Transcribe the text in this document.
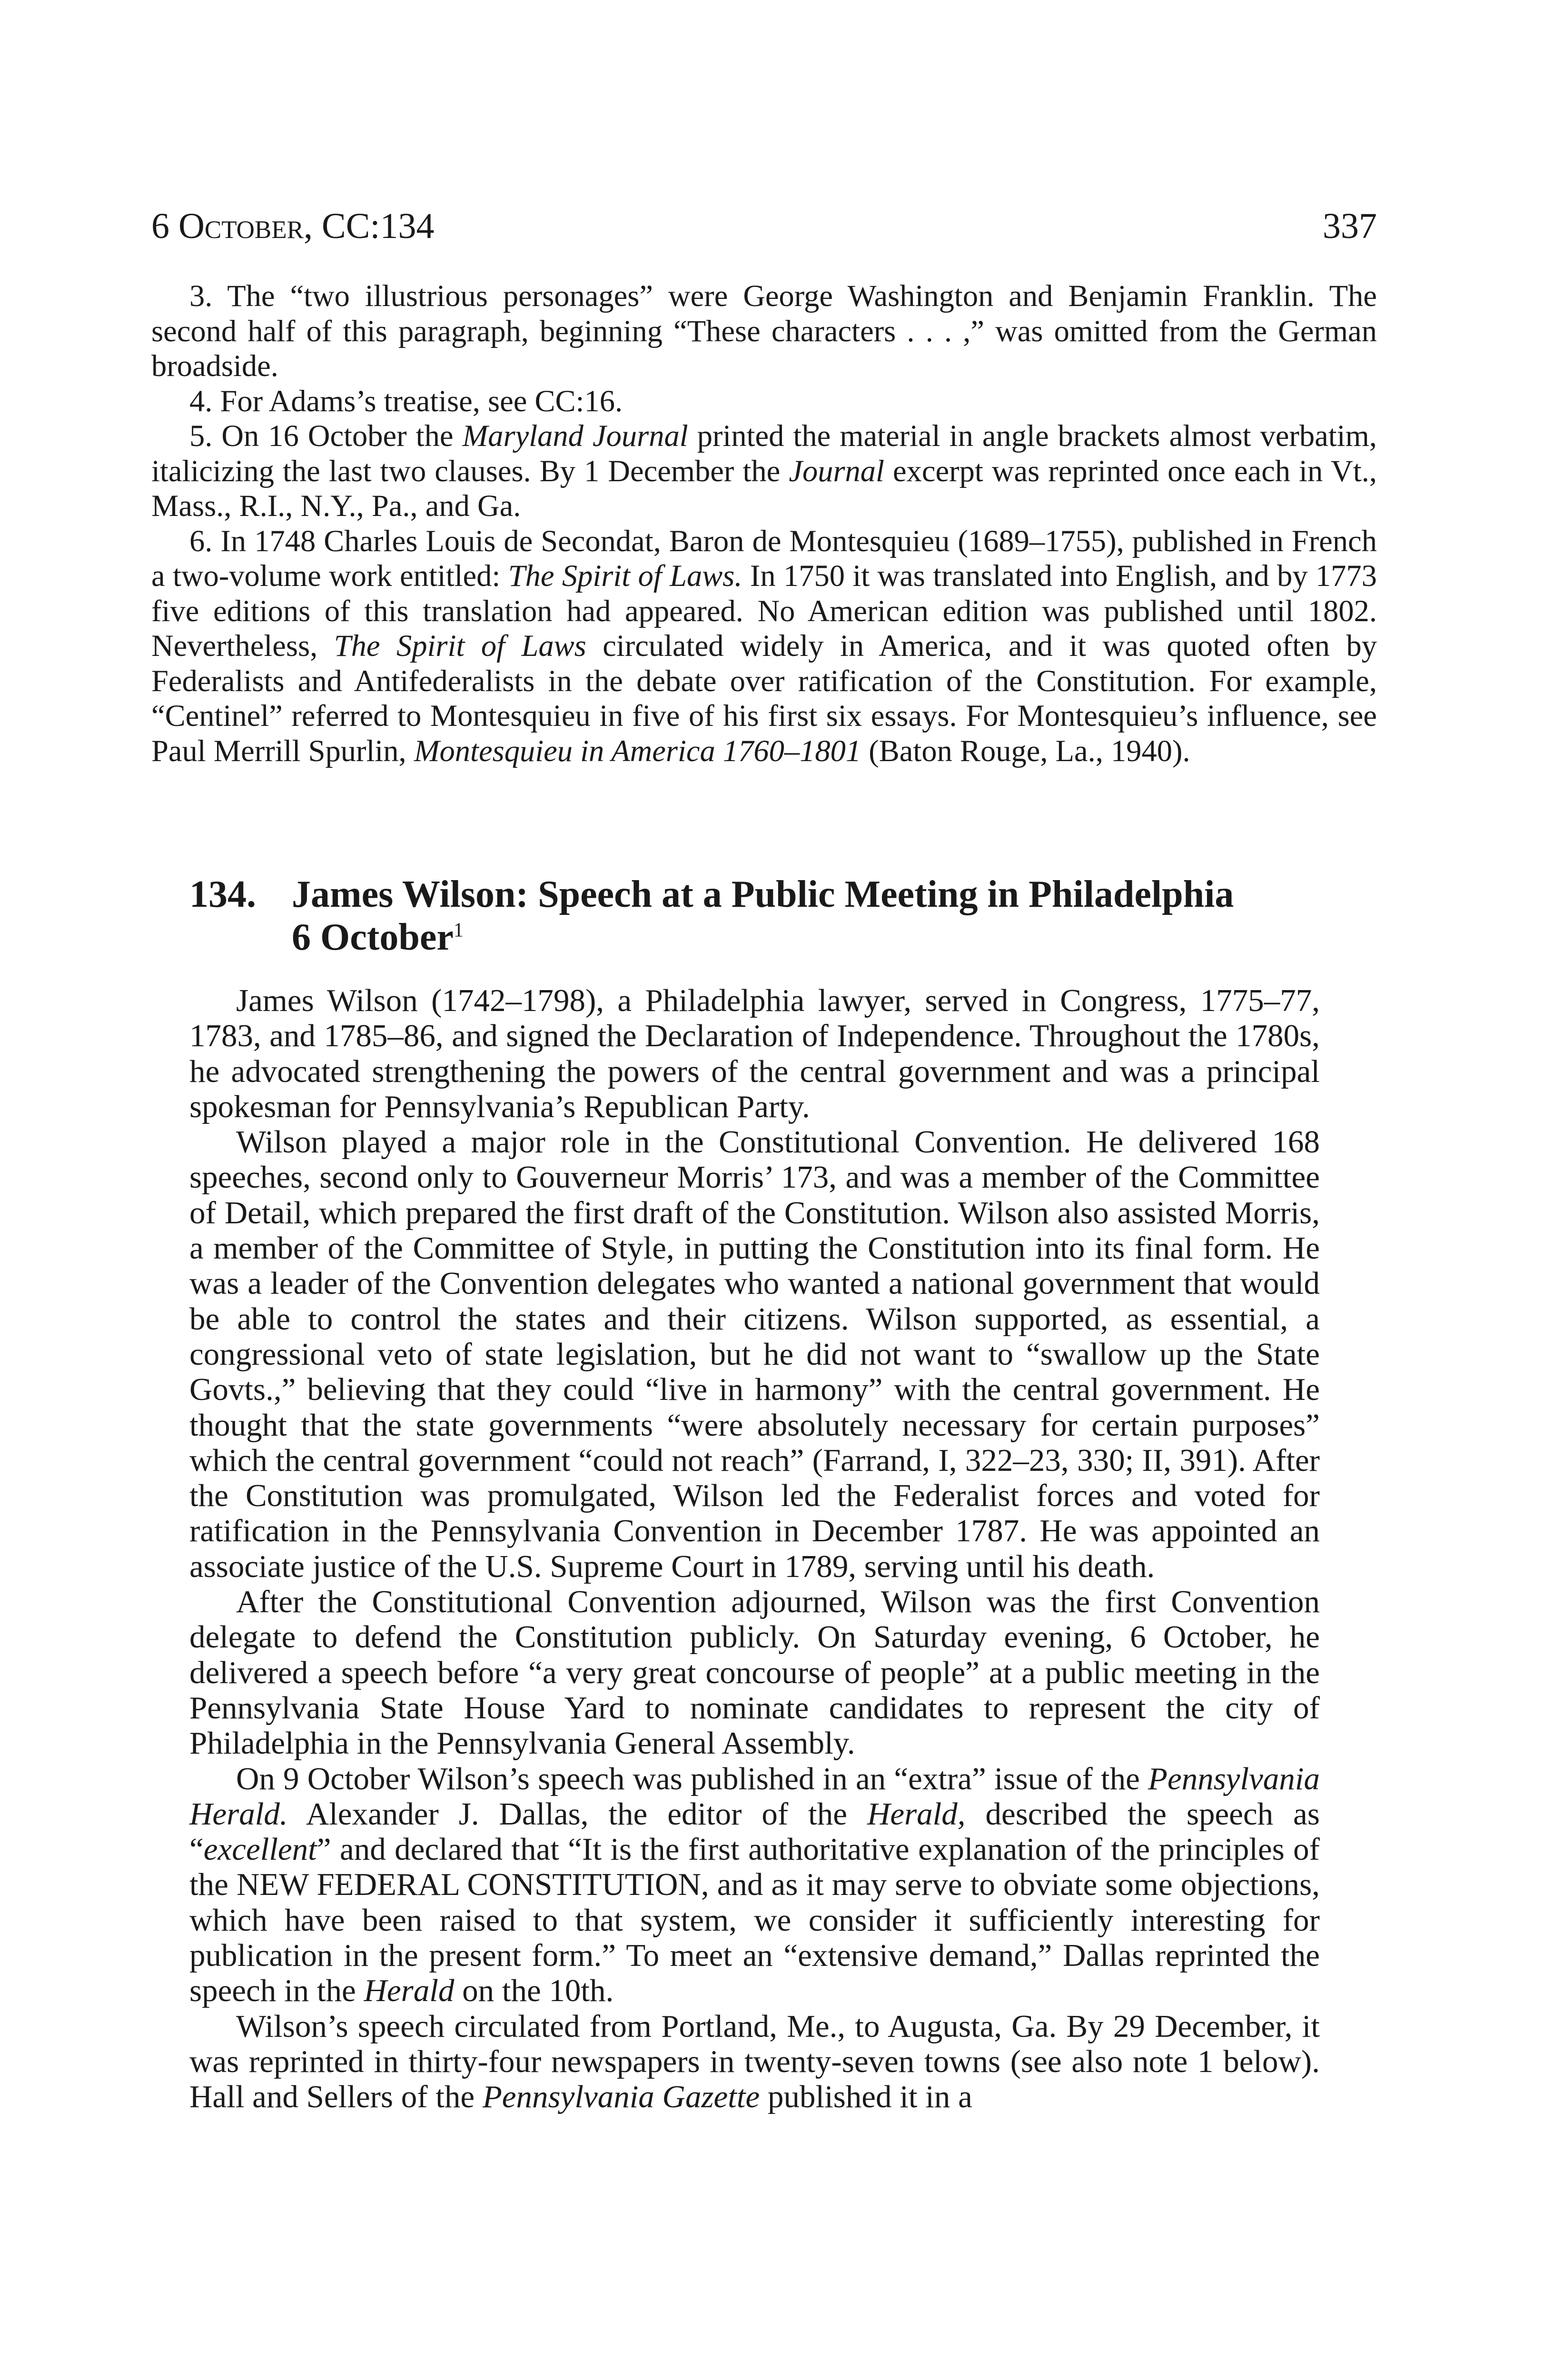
6 October, CC:134	337

3. The “two illustrious personages” were George Washington and Benjamin Franklin. The second half of this paragraph, beginning “These characters . . . ,” was omitted from the German broadside.

4. For Adams’s treatise, see CC:16.

5. On 16 October the Maryland Journal printed the material in angle brackets almost verbatim, italicizing the last two clauses. By 1 December the Journal excerpt was reprinted once each in Vt., Mass., R.I., N.Y., Pa., and Ga.

6. In 1748 Charles Louis de Secondat, Baron de Montesquieu (1689–1755), published in French a two-volume work entitled: The Spirit of Laws. In 1750 it was translated into English, and by 1773 five editions of this translation had appeared. No American edition was published until 1802. Nevertheless, The Spirit of Laws circulated widely in America, and it was quoted often by Federalists and Antifederalists in the debate over ratification of the Constitution. For example, “Centinel” referred to Montesquieu in five of his first six essays. For Montesquieu’s influence, see Paul Merrill Spurlin, Montesquieu in America 1760–1801 (Baton Rouge, La., 1940).

134. James Wilson: Speech at a Public Meeting in Philadelphia
6 October$^1$

James Wilson (1742–1798), a Philadelphia lawyer, served in Congress, 1775–77, 1783, and 1785–86, and signed the Declaration of Independence. Throughout the 1780s, he advocated strengthening the powers of the central government and was a principal spokesman for Pennsylvania’s Republican Party.

Wilson played a major role in the Constitutional Convention. He delivered 168 speeches, second only to Gouverneur Morris’ 173, and was a member of the Committee of Detail, which prepared the first draft of the Constitution. Wilson also assisted Morris, a member of the Committee of Style, in putting the Constitution into its final form. He was a leader of the Convention delegates who wanted a national government that would be able to control the states and their citizens. Wilson supported, as essential, a congressional veto of state legislation, but he did not want to “swallow up the State Govts.,” believing that they could “live in harmony” with the central government. He thought that the state governments “were absolutely necessary for certain purposes” which the central government “could not reach” (Farrand, I, 322–23, 330; II, 391). After the Constitution was promulgated, Wilson led the Federalist forces and voted for ratification in the Pennsylvania Convention in December 1787. He was appointed an associate justice of the U.S. Supreme Court in 1789, serving until his death.

After the Constitutional Convention adjourned, Wilson was the first Convention delegate to defend the Constitution publicly. On Saturday evening, 6 October, he delivered a speech before “a very great concourse of people” at a public meeting in the Pennsylvania State House Yard to nominate candidates to represent the city of Philadelphia in the Pennsylvania General Assembly.

On 9 October Wilson’s speech was published in an “extra” issue of the Pennsylvania Herald. Alexander J. Dallas, the editor of the Herald, described the speech as “excellent” and declared that “It is the first authoritative explanation of the principles of the NEW FEDERAL CONSTITUTION, and as it may serve to obviate some objections, which have been raised to that system, we consider it sufficiently interesting for publication in the present form.” To meet an “extensive demand,” Dallas reprinted the speech in the Herald on the 10th.

Wilson’s speech circulated from Portland, Me., to Augusta, Ga. By 29 December, it was reprinted in thirty-four newspapers in twenty-seven towns (see also note 1 below). Hall and Sellers of the Pennsylvania Gazette published it in a
